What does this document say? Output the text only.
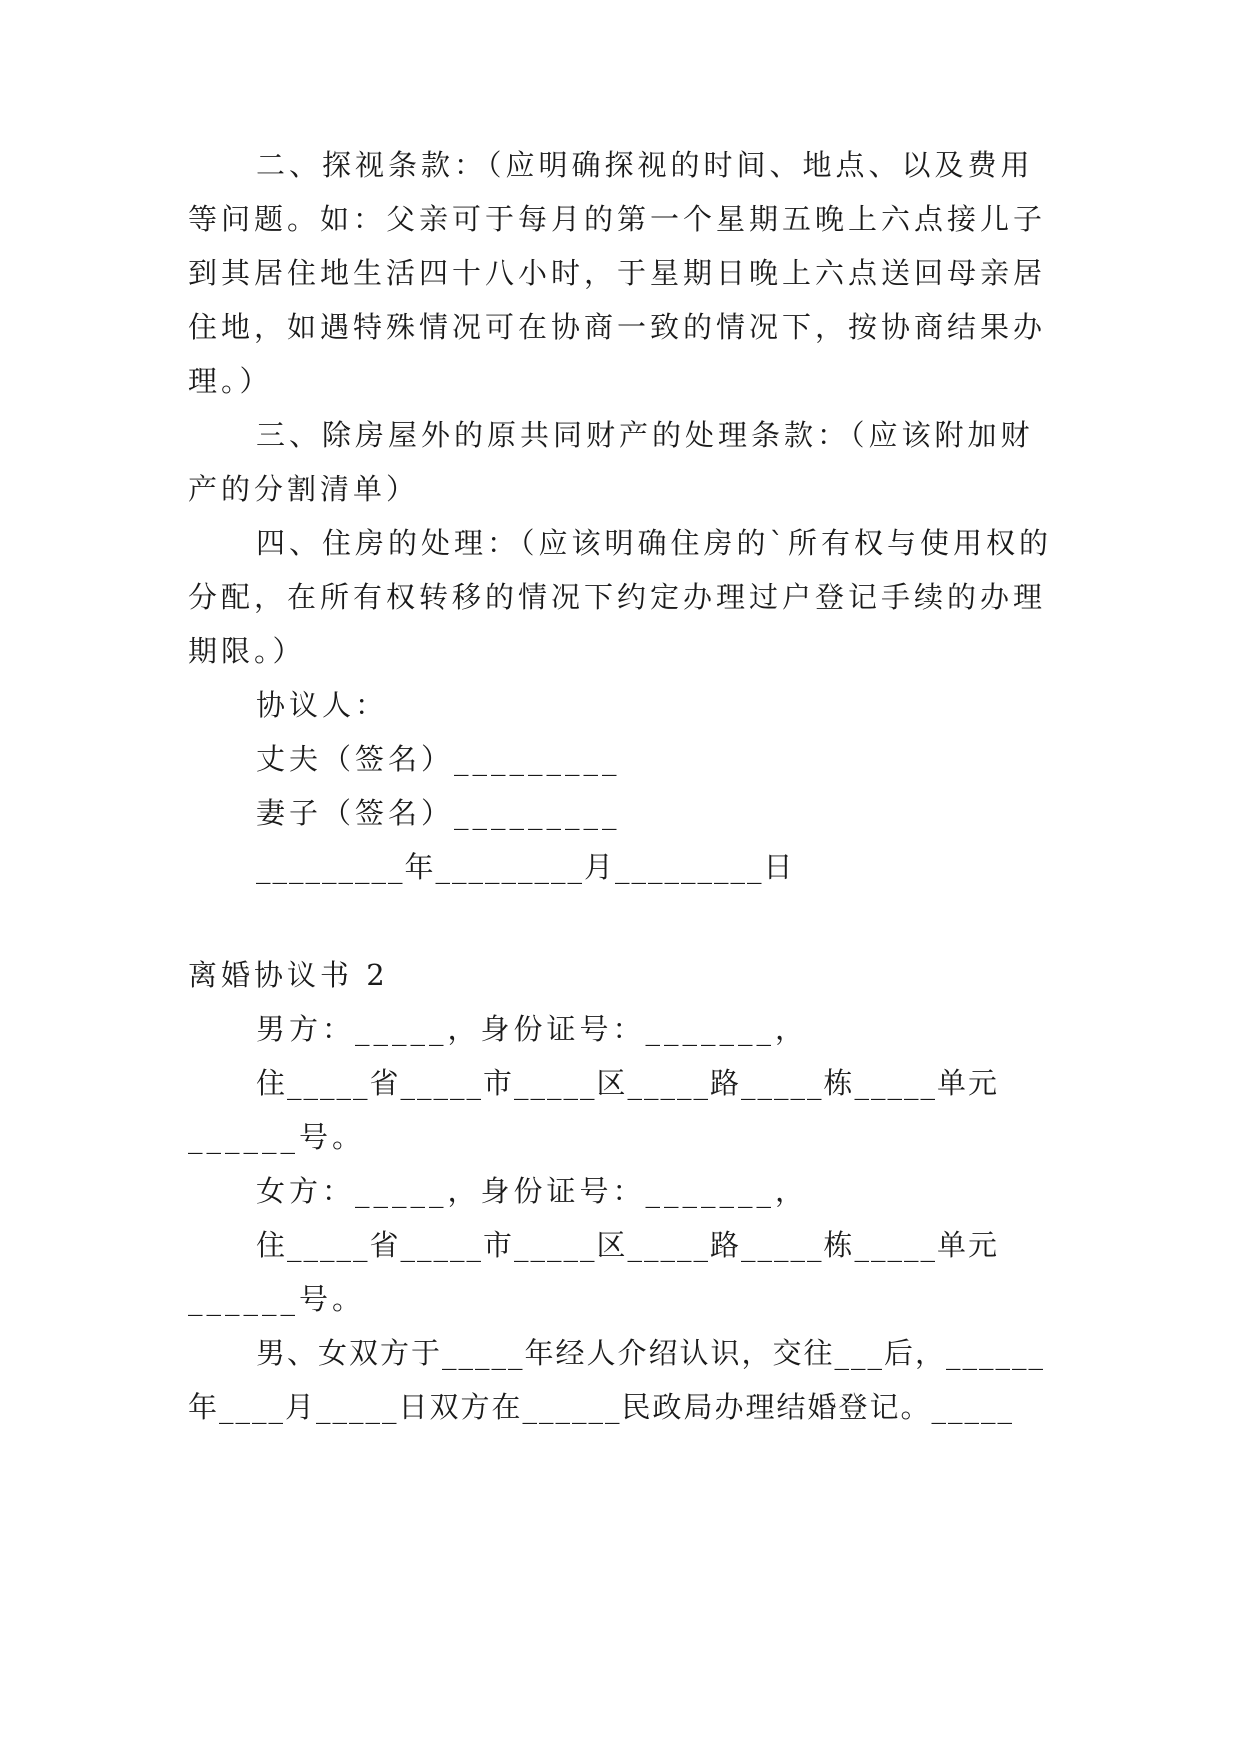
二、探视条款：（应明确探视的时间、地点、以及费用
等问题。如：父亲可于每月的第一个星期五晚上六点接儿子
到其居住地生活四十八小时，于星期日晚上六点送回母亲居
住地，如遇特殊情况可在协商一致的情况下，按协商结果办
理。）
三、除房屋外的原共同财产的处理条款：（应该附加财
产的分割清单）
四、住房的处理：（应该明确住房的`所有权与使用权的
分配，在所有权转移的情况下约定办理过户登记手续的办理
期限。）
协议人：
丈夫（签名）_________
妻子（签名）_________
_________年_________月_________日
离婚协议书 2
男方：_____，身份证号：_______，
住_____省_____市_____区_____路_____栋_____单元
______号。
女方：_____，身份证号：_______，
住_____省_____市_____区_____路_____栋_____单元
______号。
男、女双方于_____年经人介绍认识，交往___后，______
年____月_____日双方在______民政局办理结婚登记。_____
